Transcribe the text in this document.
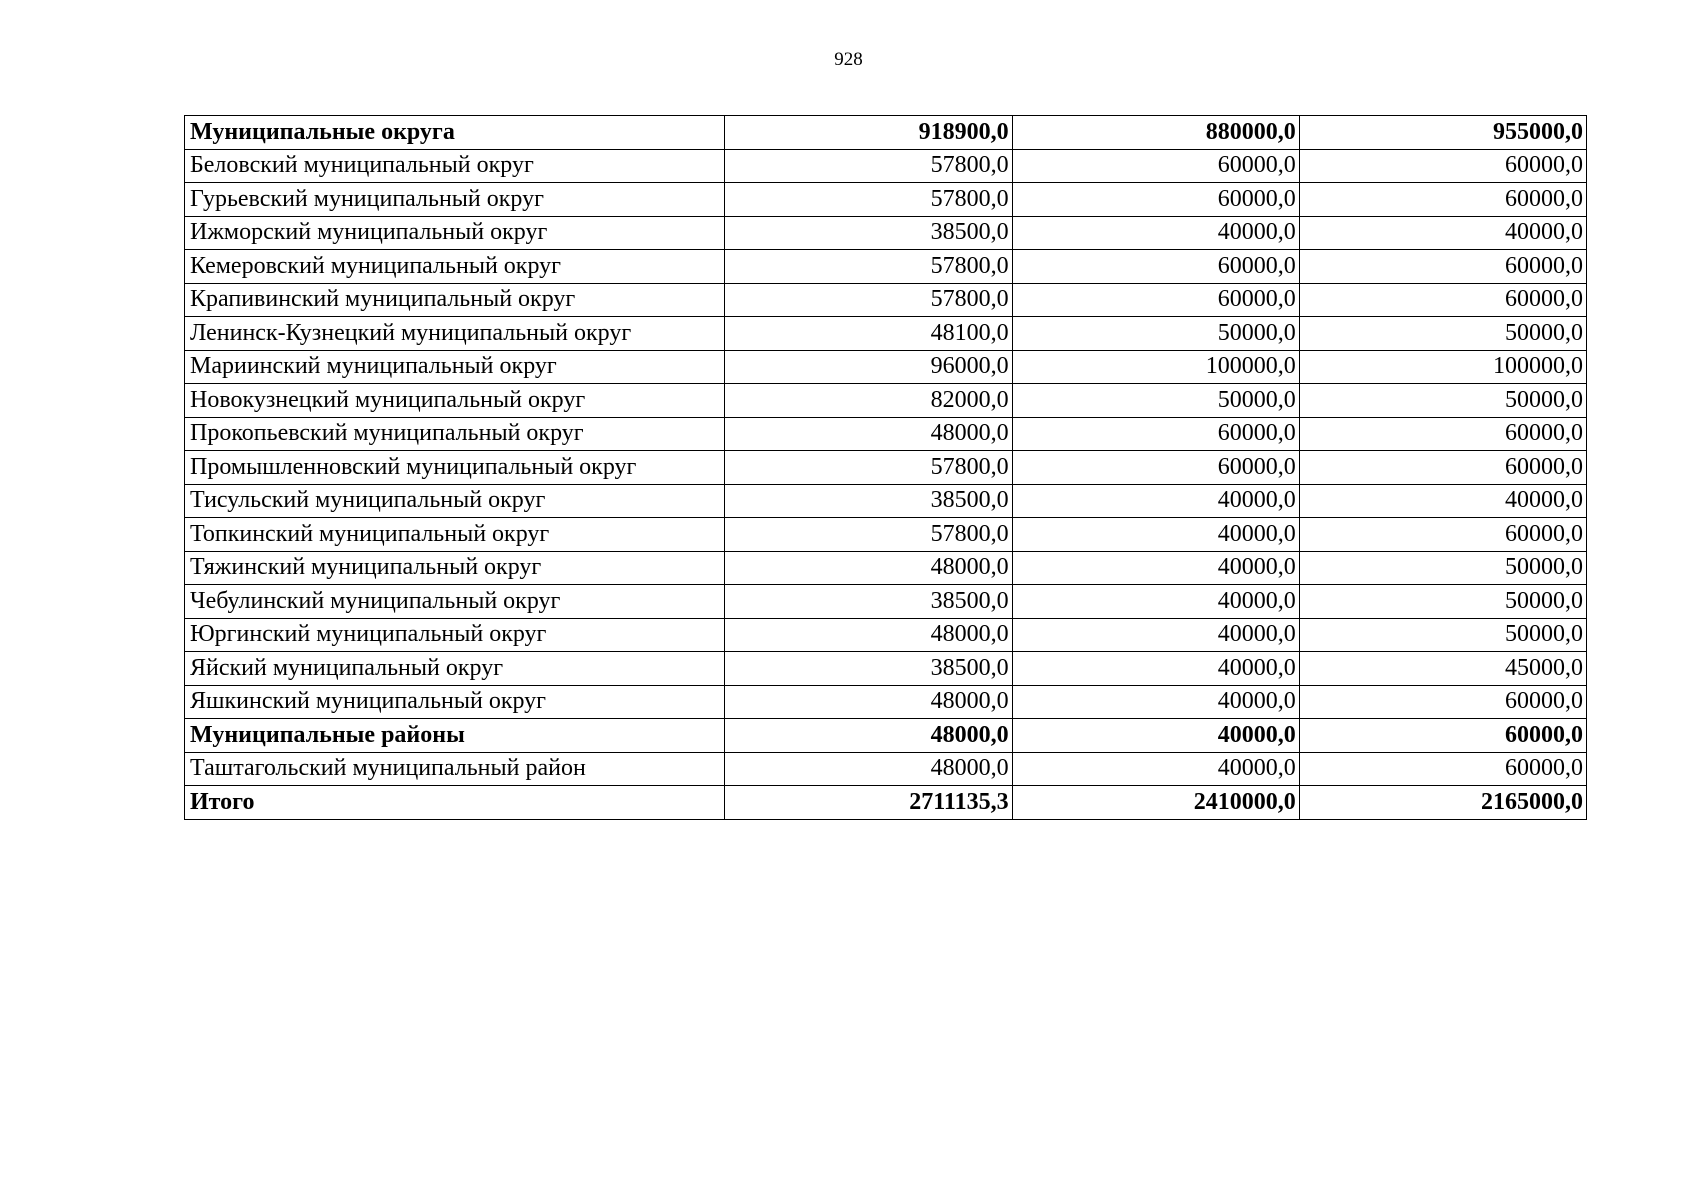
928
Муниципальные округа	918900,0	880000,0	955000,0
Беловский муниципальный округ	57800,0	60000,0	60000,0
Гурьевский муниципальный округ	57800,0	60000,0	60000,0
Ижморский муниципальный округ	38500,0	40000,0	40000,0
Кемеровский муниципальный округ	57800,0	60000,0	60000,0
Крапивинский муниципальный округ	57800,0	60000,0	60000,0
Ленинск-Кузнецкий муниципальный округ	48100,0	50000,0	50000,0
Мариинский муниципальный округ	96000,0	100000,0	100000,0
Новокузнецкий муниципальный округ	82000,0	50000,0	50000,0
Прокопьевский муниципальный округ	48000,0	60000,0	60000,0
Промышленновский муниципальный округ	57800,0	60000,0	60000,0
Тисульский муниципальный округ	38500,0	40000,0	40000,0
Топкинский муниципальный округ	57800,0	40000,0	60000,0
Тяжинский муниципальный округ	48000,0	40000,0	50000,0
Чебулинский муниципальный округ	38500,0	40000,0	50000,0
Юргинский муниципальный округ	48000,0	40000,0	50000,0
Яйский муниципальный округ	38500,0	40000,0	45000,0
Яшкинский муниципальный округ	48000,0	40000,0	60000,0
Муниципальные районы	48000,0	40000,0	60000,0
Таштагольский муниципальный район	48000,0	40000,0	60000,0
Итого	2711135,3	2410000,0	2165000,0
